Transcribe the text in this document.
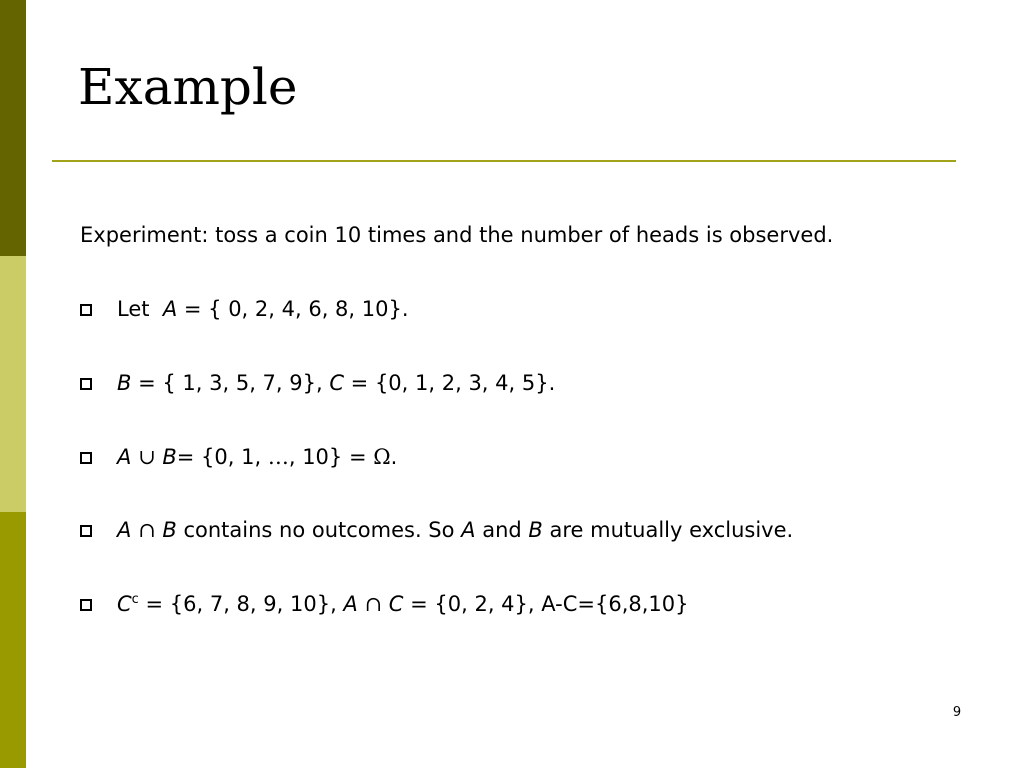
Example
Experiment: toss a coin 10 times and the number of heads is observed.
Let A = { 0, 2, 4, 6, 8, 10}.
B = { 1, 3, 5, 7, 9}, C = {0, 1, 2, 3, 4, 5}.
A ∪ B= {0, 1, …, 10} = Ω.
A ∩ B contains no outcomes. So A and B are mutually exclusive.
$C^c = \{6$, 7, 8, 9, 10}, A ∩ C = {0, 2, 4}, A-C={6,8,10}
9
